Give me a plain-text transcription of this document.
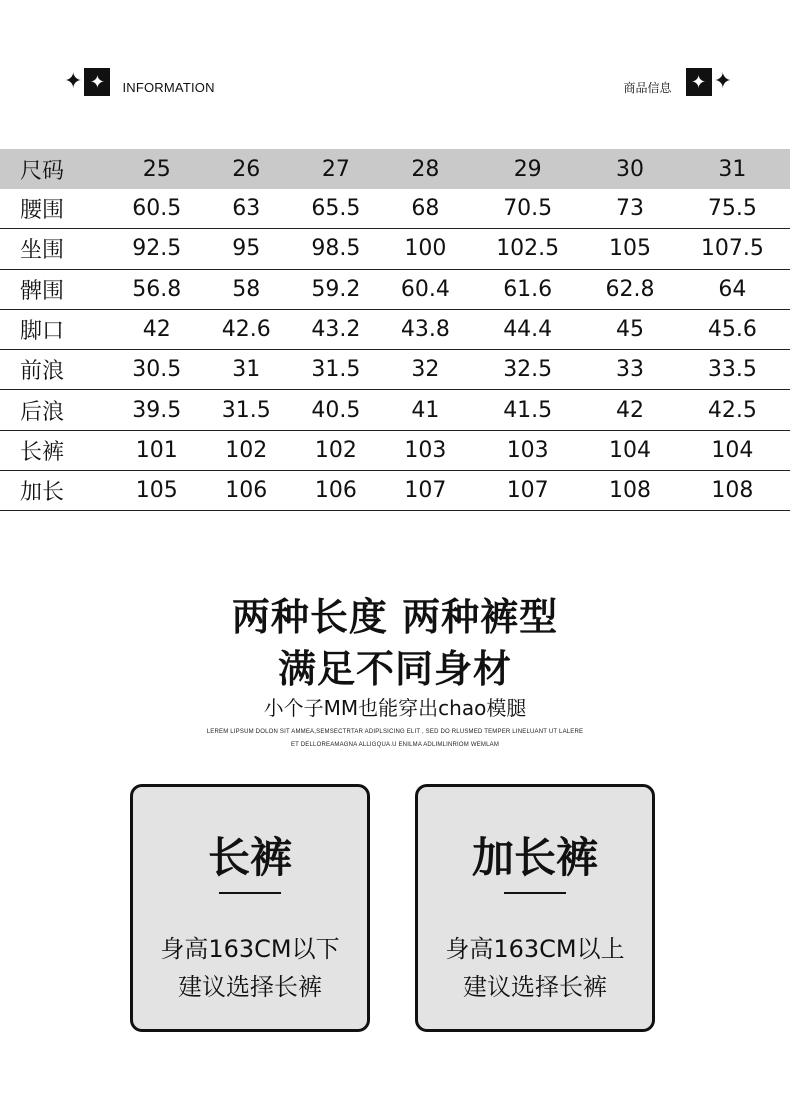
✦ ✦	INFORMATION	商品信息	✦ ✦
尺码	25	26	27	28	29	30	31
腰围	60.5	63	65.5	68	70.5	73	75.5
坐围	92.5	95	98.5	100	102.5	105	107.5
髀围	56.8	58	59.2	60.4	61.6	62.8	64
脚口	42	42.6	43.2	43.8	44.4	45	45.6
前浪	30.5	31	31.5	32	32.5	33	33.5
后浪	39.5	31.5	40.5	41	41.5	42	42.5
长裤	101	102	102	103	103	104	104
加长	105	106	106	107	107	108	108
两种长度 两种裤型
满足不同身材
小个子MM也能穿出chao模腿
LEREM LIPSUM DOLON SIT AMMEA,SEMSECTRTAR ADIPLSICING ELIT , SED DO RLUSMED TEMPER LINELUANT UT LALERE
ET DELLOREAMAGNA ALLIGQUA.U ENILMA ADLIMLINRIOM WEMLAM
长裤
身高163CM以下
建议选择长裤
加长裤
身高163CM以上
建议选择长裤
